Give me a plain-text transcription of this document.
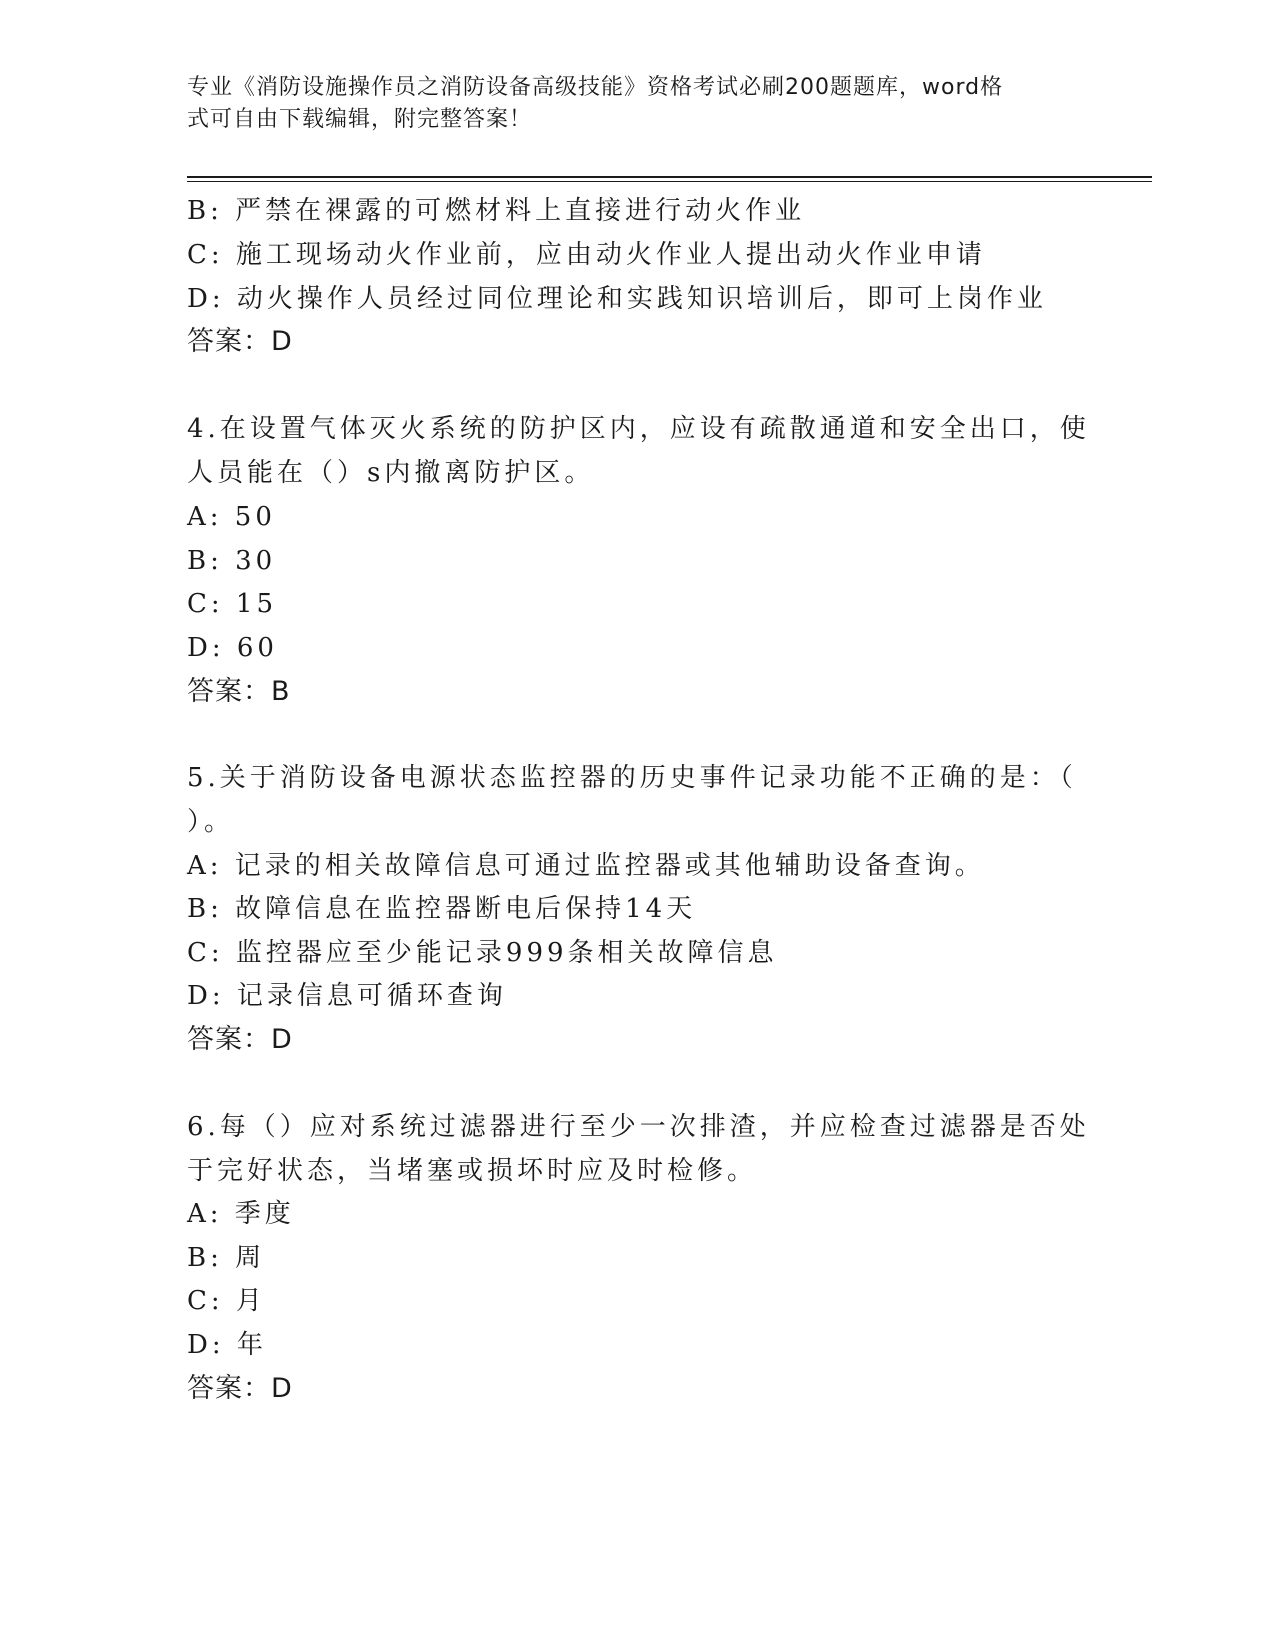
专业《消防设施操作员之消防设备高级技能》资格考试必刷200题题库，word格
式可自由下载编辑，附完整答案！
B: 严禁在裸露的可燃材料上直接进行动火作业
C: 施工现场动火作业前，应由动火作业人提出动火作业申请
D: 动火操作人员经过同位理论和实践知识培训后，即可上岗作业
答案：D
4.在设置气体灭火系统的防护区内，应设有疏散通道和安全出口，使
人员能在（）s内撤离防护区。
A: 50
B: 30
C: 15
D: 60
答案：B
5.关于消防设备电源状态监控器的历史事件记录功能不正确的是：（
）。
A: 记录的相关故障信息可通过监控器或其他辅助设备查询。
B: 故障信息在监控器断电后保持14天
C: 监控器应至少能记录999条相关故障信息
D: 记录信息可循环查询
答案：D
6.每（）应对系统过滤器进行至少一次排渣，并应检查过滤器是否处
于完好状态，当堵塞或损坏时应及时检修。
A: 季度
B: 周
C: 月
D: 年
答案：D
